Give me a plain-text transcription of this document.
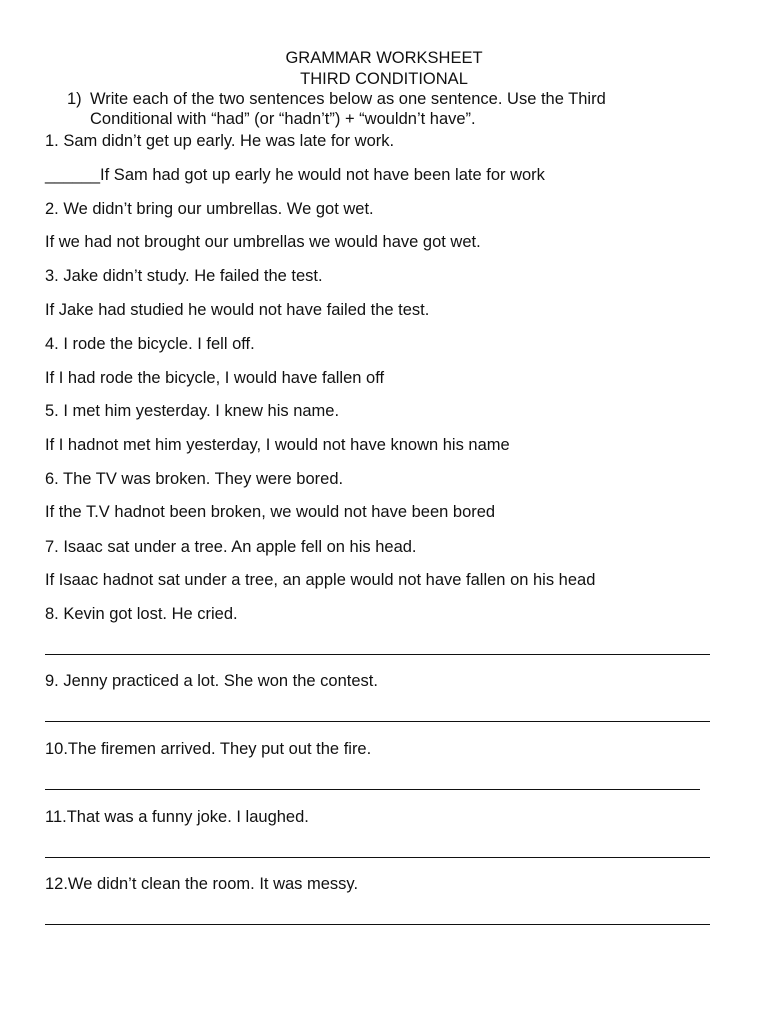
GRAMMAR WORKSHEET
THIRD CONDITIONAL
1) Write each of the two sentences below as one sentence. Use the Third Conditional with “had” (or “hadn’t”) + “wouldn’t have”.
1. Sam didn’t get up early. He was late for work.
______If Sam had got up early he would not have been late for work
2. We didn’t bring our umbrellas. We got wet.
If we had not brought our umbrellas we would have got wet.
3. Jake didn’t study. He failed the test.
If Jake had studied he would not have failed the test.
4. I rode the bicycle. I fell off.
If I had rode the bicycle, I would have fallen off
5. I met him yesterday. I knew his name.
If I hadnot met him yesterday, I would not have known his name
6. The TV was broken. They were bored.
If the T.V hadnot been broken, we would not have been bored
7. Isaac sat under a tree. An apple fell on his head.
If Isaac hadnot sat under a tree, an apple would not have fallen on his head
8. Kevin got lost. He cried.
9. Jenny practiced a lot. She won the contest.
10.The firemen arrived. They put out the fire.
11.That was a funny joke. I laughed.
12.We didn’t clean the room. It was messy.
